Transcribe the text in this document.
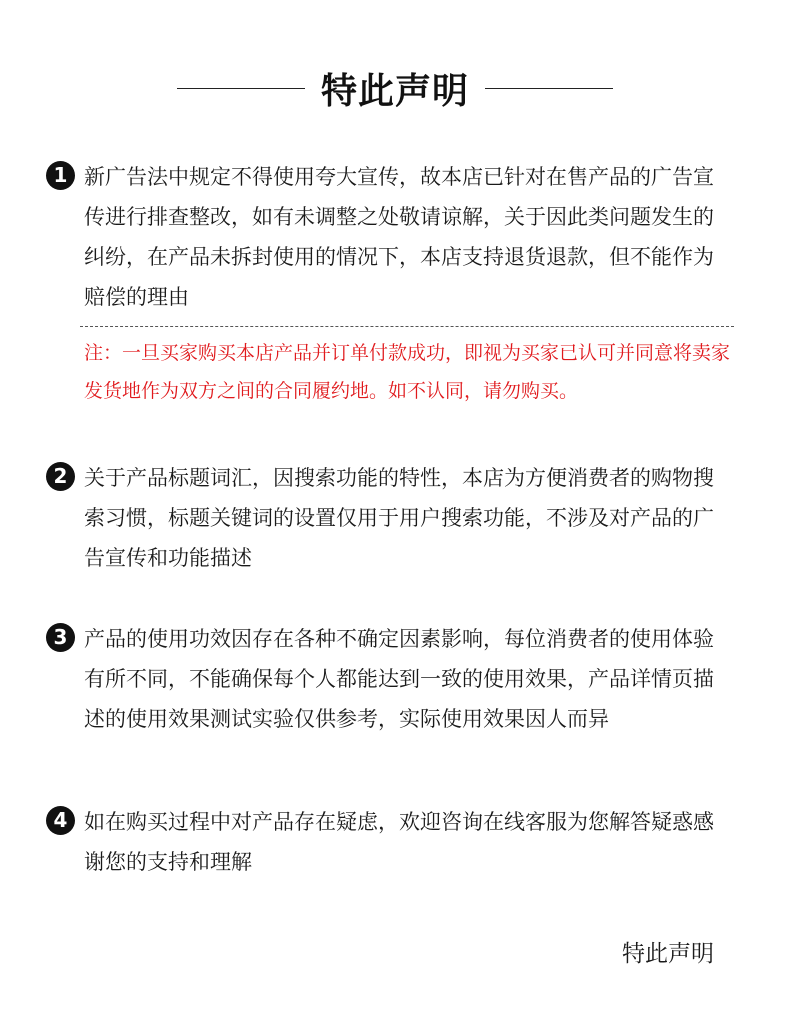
特此声明
1 新广告法中规定不得使用夸大宣传，故本店已针对在售产品的广告宣传进行排查整改，如有未调整之处敬请谅解，关于因此类问题发生的纠纷，在产品未拆封使用的情况下，本店支持退货退款，但不能作为赔偿的理由
注：一旦买家购买本店产品并订单付款成功，即视为买家已认可并同意将卖家发货地作为双方之间的合同履约地。如不认同，请勿购买。
2 关于产品标题词汇，因搜索功能的特性，本店为方便消费者的购物搜索习惯，标题关键词的设置仅用于用户搜索功能，不涉及对产品的广告宣传和功能描述
3 产品的使用功效因存在各种不确定因素影响，每位消费者的使用体验有所不同，不能确保每个人都能达到一致的使用效果，产品详情页描述的使用效果测试实验仅供参考，实际使用效果因人而异
4 如在购买过程中对产品存在疑虑，欢迎咨询在线客服为您解答疑惑感谢您的支持和理解
特此声明
